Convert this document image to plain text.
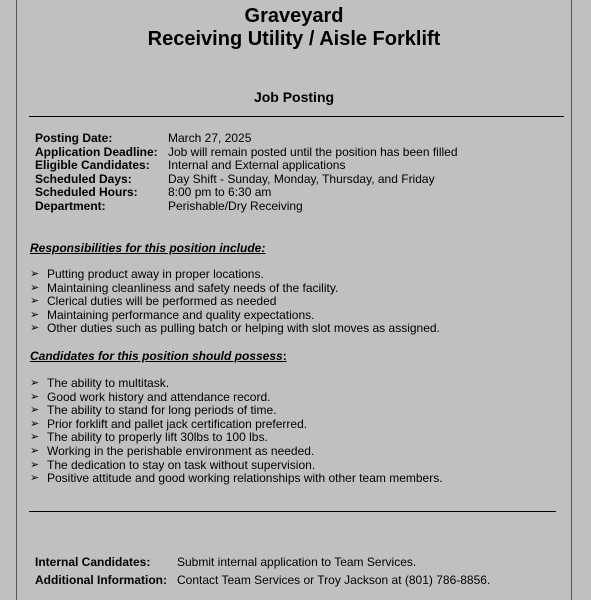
Graveyard
Receiving Utility / Aisle Forklift
Job Posting
Posting Date:	March 27, 2025
Application Deadline: Job will remain posted until the position has been filled
Eligible Candidates:	Internal and External applications
Scheduled Days:	Day Shift - Sunday, Monday, Thursday, and Friday
Scheduled Hours:	8:00 pm to 6:30 am
Department:	Perishable/Dry Receiving
Responsibilities for this position include:
➢ Putting product away in proper locations.
➢ Maintaining cleanliness and safety needs of the facility.
➢ Clerical duties will be performed as needed
➢ Maintaining performance and quality expectations.
➢ Other duties such as pulling batch or helping with slot moves as assigned.
Candidates for this position should possess:
➢ The ability to multitask.
➢ Good work history and attendance record.
➢ The ability to stand for long periods of time.
➢ Prior forklift and pallet jack certification preferred.
➢ The ability to properly lift 30lbs to 100 lbs.
➢ Working in the perishable environment as needed.
➢ The dedication to stay on task without supervision.
➢ Positive attitude and good working relationships with other team members.
Internal Candidates:	Submit internal application to Team Services.
Additional Information: Contact Team Services or Troy Jackson at (801) 786-8856.
